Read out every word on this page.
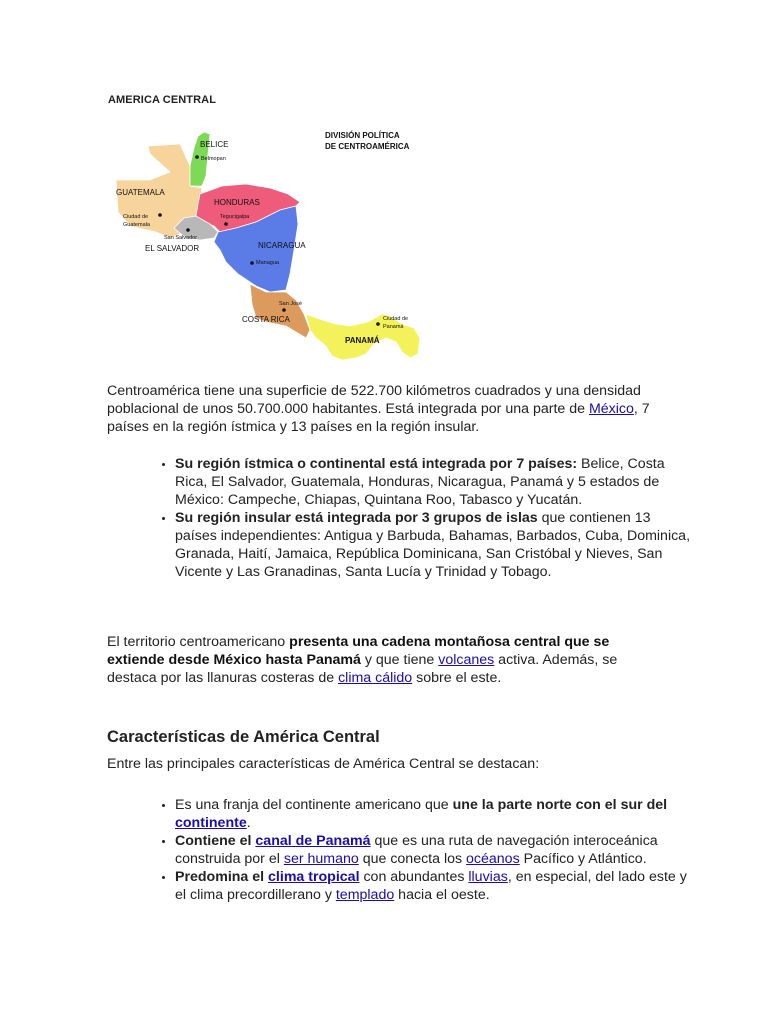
AMERICA CENTRAL
DIVISIÓN POLÍTICA
DE CENTROAMÉRICA
BELICE
GUATEMALA
HONDURAS
EL SALVADOR	NICARAGUA
COSTA RICA
PANAMÁ
Belmopan
Ciudad de
Guatemala
Tegucigalpa
San Salvador
Managua
San José
Ciudad de
Panamá

Centroamérica tiene una superficie de 522.700 kilómetros cuadrados y una densidad poblacional de unos 50.700.000 habitantes. Está integrada por una parte de México, 7 países en la región ístmica y 13 países en la región insular.

• Su región ístmica o continental está integrada por 7 países: Belice, Costa Rica, El Salvador, Guatemala, Honduras, Nicaragua, Panamá y 5 estados de México: Campeche, Chiapas, Quintana Roo, Tabasco y Yucatán.
• Su región insular está integrada por 3 grupos de islas que contienen 13 países independientes: Antigua y Barbuda, Bahamas, Barbados, Cuba, Dominica, Granada, Haití, Jamaica, República Dominicana, San Cristóbal y Nieves, San Vicente y Las Granadinas, Santa Lucía y Trinidad y Tobago.

El territorio centroamericano presenta una cadena montañosa central que se extiende desde México hasta Panamá y que tiene volcanes activa. Además, se destaca por las llanuras costeras de clima cálido sobre el este.

Características de América Central

Entre las principales características de América Central se destacan:

• Es una franja del continente americano que une la parte norte con el sur del continente.
• Contiene el canal de Panamá que es una ruta de navegación interoceánica construida por el ser humano que conecta los océanos Pacífico y Atlántico.
• Predomina el clima tropical con abundantes lluvias, en especial, del lado este y el clima precordillerano y templado hacia el oeste.
